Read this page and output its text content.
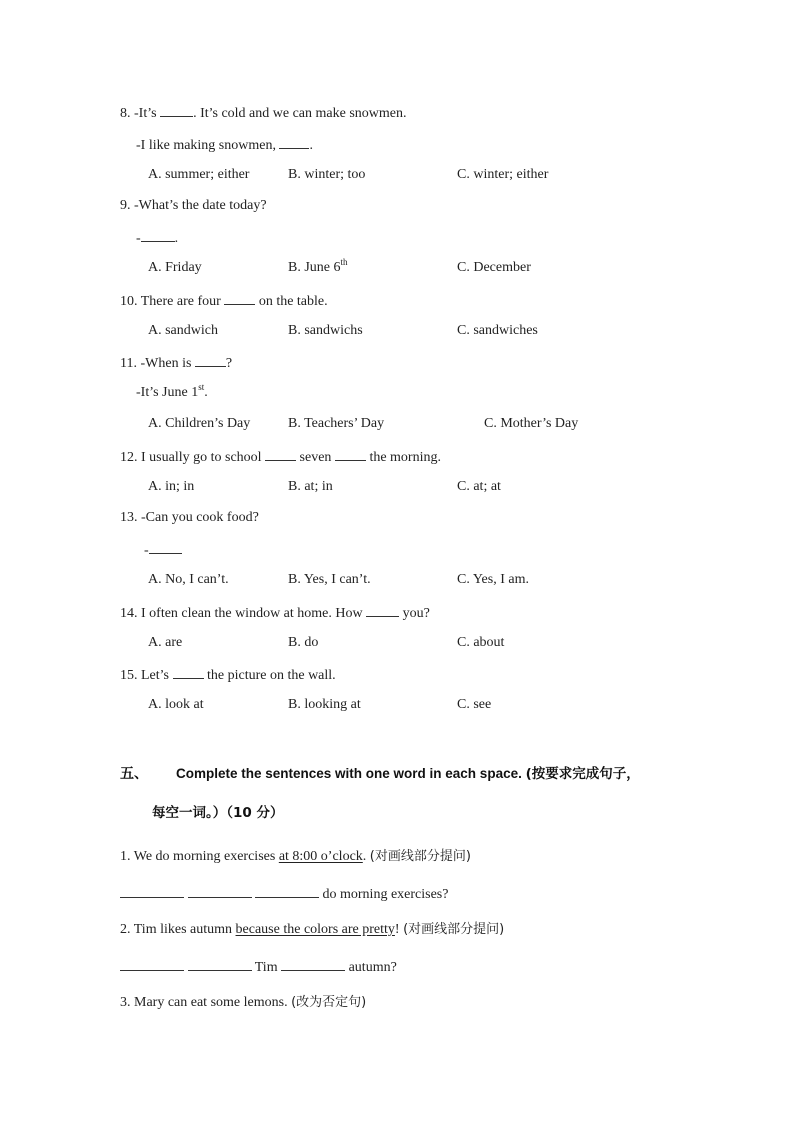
8. -It’s . It’s cold and we can make snowmen.
-I like making snowmen, .
A. summer; either	B. winter; too	C. winter; either
9. -What’s the date today?
- .
A. Friday	B. June 6th	C. December
10. There are four  on the table.
A. sandwich	B. sandwichs	C. sandwiches
11. -When is ?
-It’s June 1st.
A. Children’s Day	B. Teachers’ Day	C. Mother’s Day
12. I usually go to school  seven  the morning.
A. in; in	B. at; in	C. at; at
13. -Can you cook food?
-
A. No, I can’t.	B. Yes, I can’t.	C. Yes, I am.
14. I often clean the window at home. How  you?
A. are	B. do	C. about
15. Let’s  the picture on the wall.
A. look at	B. looking at	C. see
五、 Complete the sentences with one word in each space. (按要求完成句子，
每空一词。）（10 分）
1. We do morning exercises at 8:00 o’clock. (对画线部分提问)
do morning exercises?
2. Tim likes autumn because the colors are pretty! (对画线部分提问)
Tim	autumn?
3. Mary can eat some lemons. (改为否定句)
